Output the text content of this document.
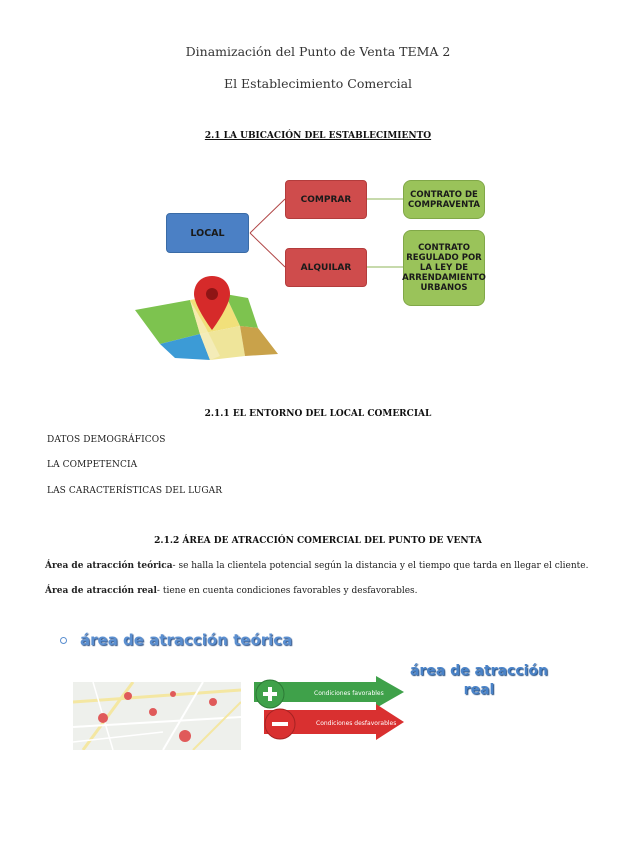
Dinamización del Punto de Venta TEMA 2
El Establecimiento Comercial
2.1 LA UBICACIÓN DEL ESTABLECIMIENTO
LOCAL
COMPRAR
ALQUILAR
CONTRATO DE COMPRAVENTA
CONTRATO REGULADO POR LA LEY DE ARRENDAMIENTO URBANOS
2.1.1 EL ENTORNO DEL LOCAL COMERCIAL
DATOS DEMOGRÁFICOS
LA COMPETENCIA
LAS CARACTERÍSTICAS DEL LUGAR
2.1.2 ÁREA DE ATRACCIÓN COMERCIAL DEL PUNTO DE VENTA
Área de atracción teórica- se halla la clientela potencial según la distancia y el tiempo que tarda en llegar el cliente.
Área de atracción real- tiene en cuenta condiciones favorables y desfavorables.
área de atracción teórica
área de atracción
real
Condiciones favorables
Condiciones desfavorables
